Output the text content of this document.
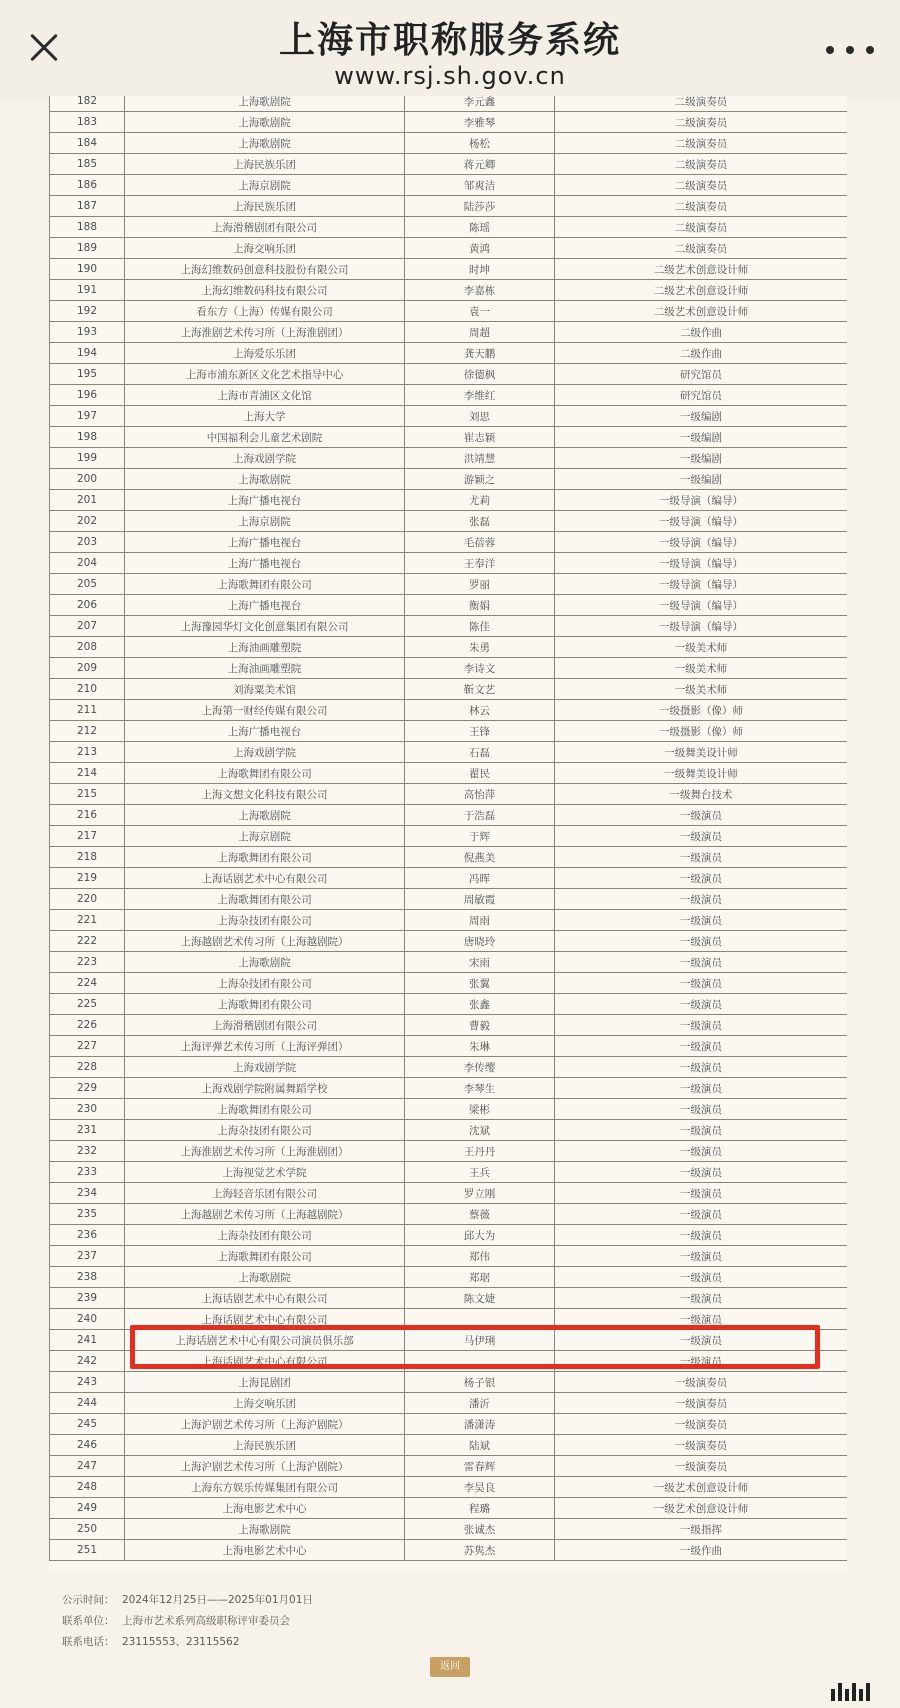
上海市职称服务系统
www.rsj.sh.gov.cn
182	上海歌剧院	李元鑫	二级演奏员
183	上海歌剧院	李雅琴	二级演奏员
184	上海歌剧院	杨松	二级演奏员
185	上海民族乐团	蒋元卿	二级演奏员
186	上海京剧院	邹爽洁	二级演奏员
187	上海民族乐团	陆莎莎	二级演奏员
188	上海滑稽剧团有限公司	陈瑶	二级演奏员
189	上海交响乐团	黄鸿	二级演奏员
190	上海幻维数码创意科技股份有限公司	时坤	二级艺术创意设计师
191	上海幻维数码科技有限公司	李嘉栋	二级艺术创意设计师
192	看东方（上海）传媒有限公司	袁一	二级艺术创意设计师
193	上海淮剧艺术传习所（上海淮剧团）	周超	二级作曲
194	上海爱乐乐团	龚天鹏	二级作曲
195	上海市浦东新区文化艺术指导中心	徐德枫	研究馆员
196	上海市青浦区文化馆	李维红	研究馆员
197	上海大学	刘思	一级编剧
198	中国福利会儿童艺术剧院	崔志颖	一级编剧
199	上海戏剧学院	洪靖慧	一级编剧
200	上海歌剧院	游颖之	一级编剧
201	上海广播电视台	尤莉	一级导演（编导）
202	上海京剧院	张磊	一级导演（编导）
203	上海广播电视台	毛蓓蓉	一级导演（编导）
204	上海广播电视台	王奉洋	一级导演（编导）
205	上海歌舞团有限公司	罗丽	一级导演（编导）
206	上海广播电视台	衡娟	一级导演（编导）
207	上海豫园华灯文化创意集团有限公司	陈佳	一级导演（编导）
208	上海油画雕塑院	朱勇	一级美术师
209	上海油画雕塑院	李诗文	一级美术师
210	刘海粟美术馆	靳文艺	一级美术师
211	上海第一财经传媒有限公司	林云	一级摄影（像）师
212	上海广播电视台	王锋	一级摄影（像）师
213	上海戏剧学院	石磊	一级舞美设计师
214	上海歌舞团有限公司	翟民	一级舞美设计师
215	上海文想文化科技有限公司	高怡萍	一级舞台技术
216	上海歌剧院	于浩磊	一级演员
217	上海京剧院	于辉	一级演员
218	上海歌舞团有限公司	倪燕美	一级演员
219	上海话剧艺术中心有限公司	冯晖	一级演员
220	上海歌舞团有限公司	周敏霞	一级演员
221	上海杂技团有限公司	周雨	一级演员
222	上海越剧艺术传习所（上海越剧院）	唐晓玲	一级演员
223	上海歌剧院	宋雨	一级演员
224	上海杂技团有限公司	张翼	一级演员
225	上海歌舞团有限公司	张鑫	一级演员
226	上海滑稽剧团有限公司	曹毅	一级演员
227	上海评弹艺术传习所（上海评弹团）	朱琳	一级演员
228	上海戏剧学院	李传缨	一级演员
229	上海戏剧学院附属舞蹈学校	李琴生	一级演员
230	上海歌舞团有限公司	梁彬	一级演员
231	上海杂技团有限公司	沈斌	一级演员
232	上海淮剧艺术传习所（上海淮剧团）	王丹丹	一级演员
233	上海视觉艺术学院	王兵	一级演员
234	上海轻音乐团有限公司	罗立刚	一级演员
235	上海越剧艺术传习所（上海越剧院）	蔡薇	一级演员
236	上海杂技团有限公司	邱大为	一级演员
237	上海歌舞团有限公司	郑伟	一级演员
238	上海歌剧院	郑琚	一级演员
239	上海话剧艺术中心有限公司	陈文婕	一级演员
240	上海话剧艺术中心有限公司		一级演员
241	上海话剧艺术中心有限公司演员俱乐部	马伊琍	一级演员
242	上海话剧艺术中心有限公司		一级演员
243	上海昆剧团	杨子银	一级演奏员
244	上海交响乐团	潘沂	一级演奏员
245	上海沪剧艺术传习所（上海沪剧院）	潘潇涛	一级演奏员
246	上海民族乐团	陆斌	一级演奏员
247	上海沪剧艺术传习所（上海沪剧院）	雷春辉	一级演奏员
248	上海东方娱乐传媒集团有限公司	李昊良	一级艺术创意设计师
249	上海电影艺术中心	程璐	一级艺术创意设计师
250	上海歌剧院	张诚杰	一级指挥
251	上海电影艺术中心	苏隽杰	一级作曲
公示时间： 2024年12月25日——2025年01月01日
联系单位： 上海市艺术系列高级职称评审委员会
联系电话： 23115553、23115562
返回
